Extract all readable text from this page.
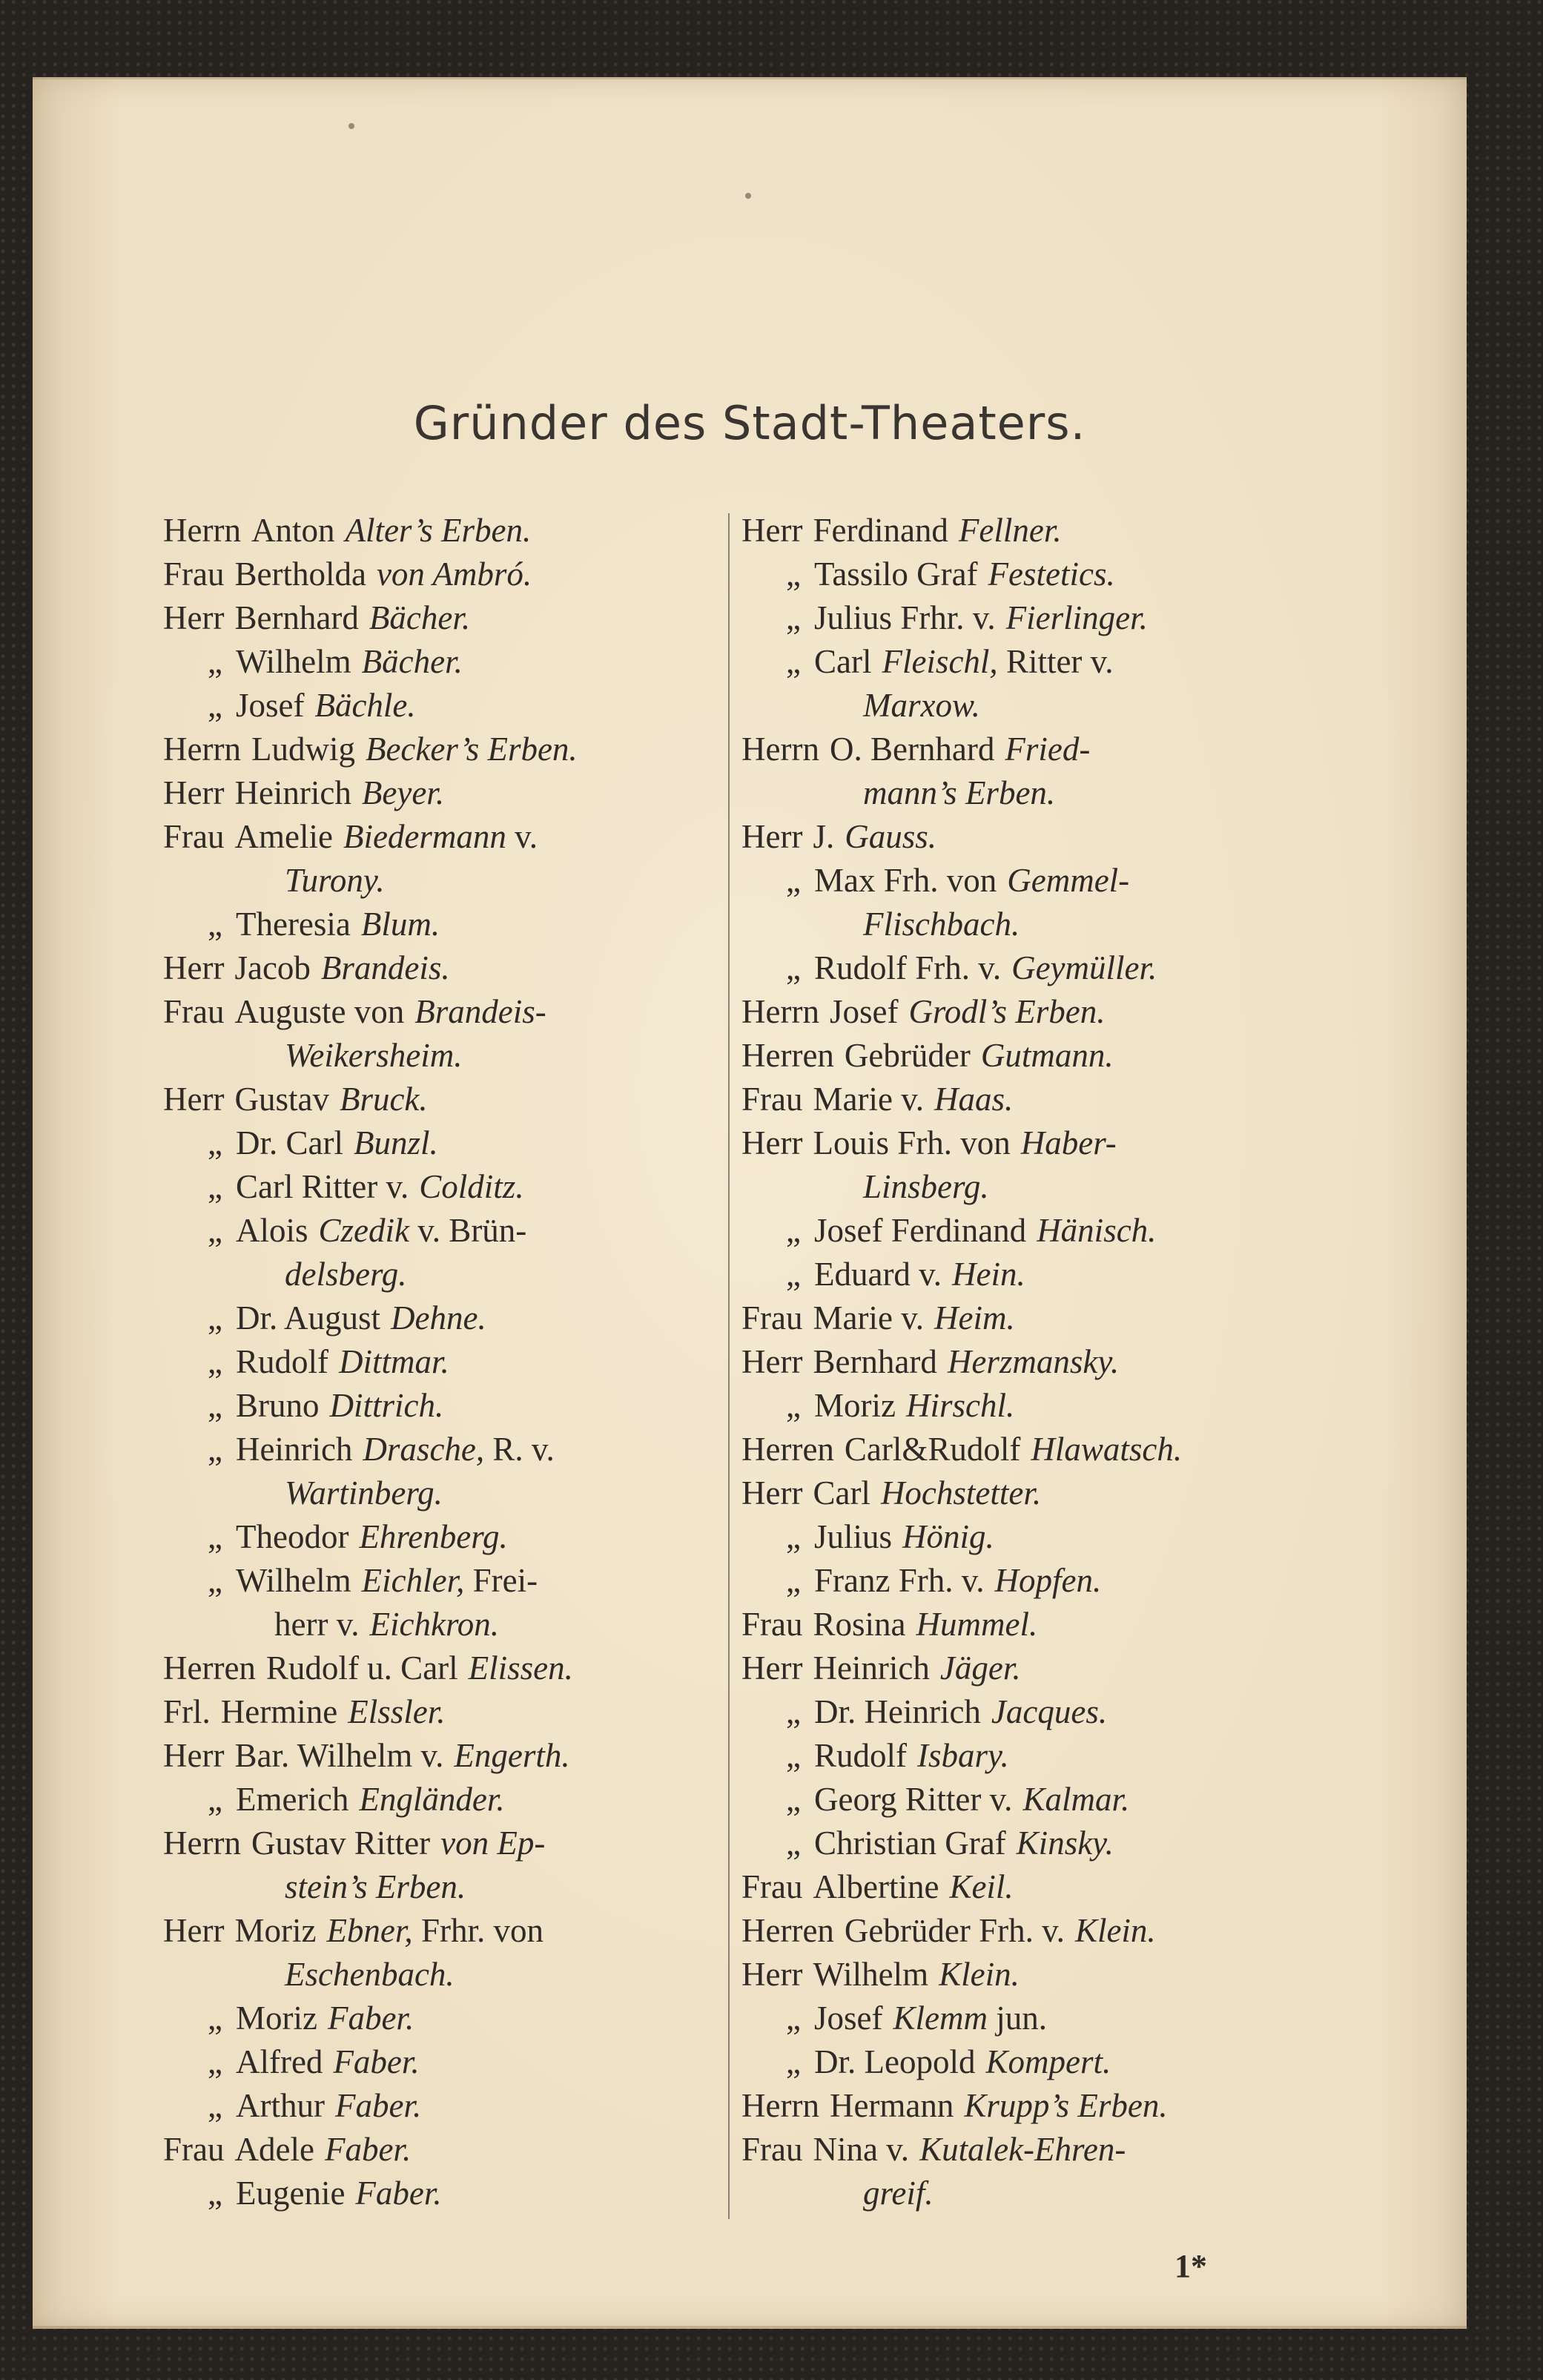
Gründer des Stadt-Theaters.
Herrn Anton Alter’s Erben.
Frau Bertholda von Ambró.
Herr Bernhard Bächer.
„ Wilhelm Bächer.
„ Josef Bächle.
Herrn Ludwig Becker’s Erben.
Herr Heinrich Beyer.
Frau Amelie Biedermann v.
Turony.
„ Theresia Blum.
Herr Jacob Brandeis.
Frau Auguste von Brandeis-
Weikersheim.
Herr Gustav Bruck.
„ Dr. Carl Bunzl.
„ Carl Ritter v. Colditz.
„ Alois Czedik v. Brün-
delsberg.
„ Dr. August Dehne.
„ Rudolf Dittmar.
„ Bruno Dittrich.
„ Heinrich Drasche, R. v.
Wartinberg.
„ Theodor Ehrenberg.
„ Wilhelm Eichler, Frei-
herr v. Eichkron.
Herren Rudolf u. Carl Elissen.
Frl. Hermine Elssler.
Herr Bar. Wilhelm v. Engerth.
„ Emerich Engländer.
Herrn Gustav Ritter von Ep-
stein’s Erben.
Herr Moriz Ebner, Frhr. von
Eschenbach.
„ Moriz Faber.
„ Alfred Faber.
„ Arthur Faber.
Frau Adele Faber.
„ Eugenie Faber.
Herr Ferdinand Fellner.
„ Tassilo Graf Festetics.
„ Julius Frhr. v. Fierlinger.
„ Carl Fleischl, Ritter v.
Marxow.
Herrn O. Bernhard Fried-
mann’s Erben.
Herr J. Gauss.
„ Max Frh. von Gemmel-
Flischbach.
„ Rudolf Frh. v. Geymüller.
Herrn Josef Grodl’s Erben.
Herren Gebrüder Gutmann.
Frau Marie v. Haas.
Herr Louis Frh. von Haber-
Linsberg.
„ Josef Ferdinand Hänisch.
„ Eduard v. Hein.
Frau Marie v. Heim.
Herr Bernhard Herzmansky.
„ Moriz Hirschl.
Herren Carl&Rudolf Hlawatsch.
Herr Carl Hochstetter.
„ Julius Hönig.
„ Franz Frh. v. Hopfen.
Frau Rosina Hummel.
Herr Heinrich Jäger.
„ Dr. Heinrich Jacques.
„ Rudolf Isbary.
„ Georg Ritter v. Kalmar.
„ Christian Graf Kinsky.
Frau Albertine Keil.
Herren Gebrüder Frh. v. Klein.
Herr Wilhelm Klein.
„ Josef Klemm jun.
„ Dr. Leopold Kompert.
Herrn Hermann Krupp’s Erben.
Frau Nina v. Kutalek-Ehren-
greif.
1*
